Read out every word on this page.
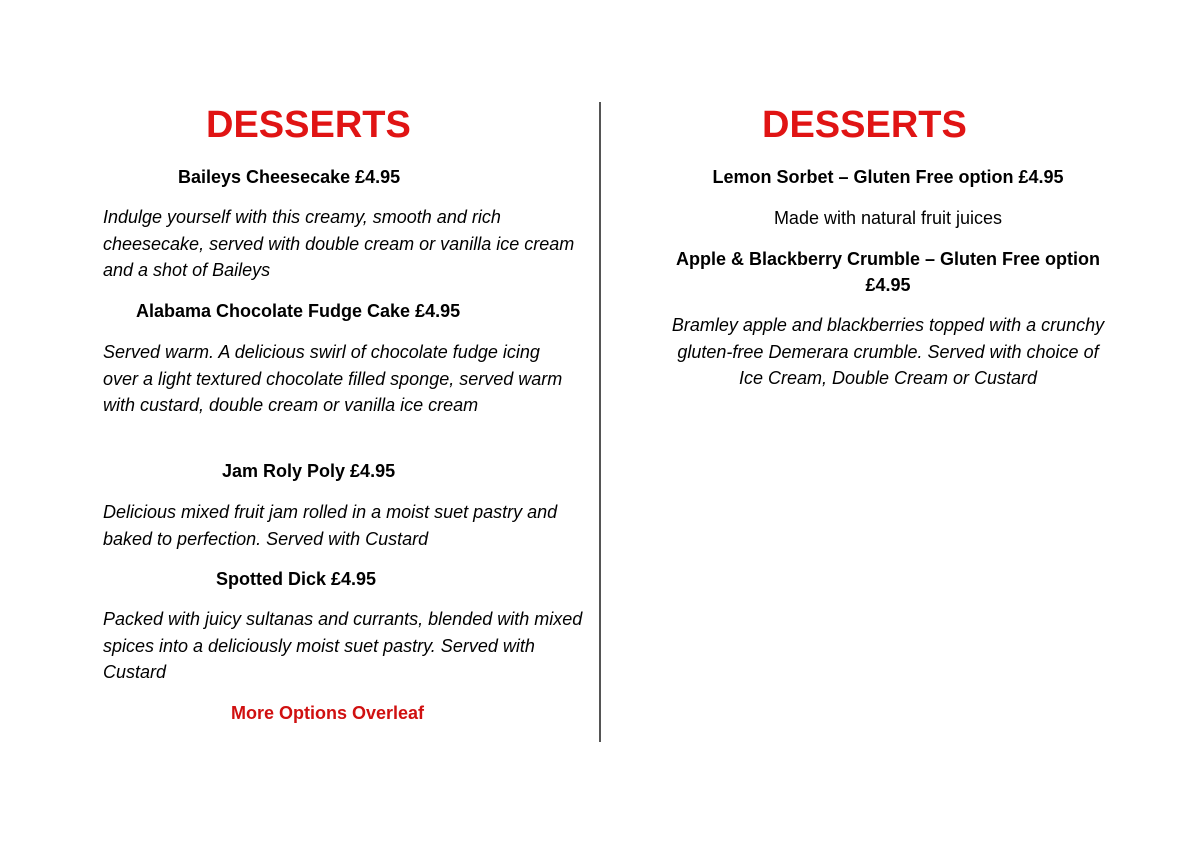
DESSERTS
Baileys Cheesecake £4.95
Indulge yourself with this creamy, smooth and rich cheesecake, served with double cream or vanilla ice cream and a shot of Baileys
Alabama Chocolate Fudge Cake £4.95
Served warm. A delicious swirl of chocolate fudge icing over a light textured chocolate filled sponge, served warm with custard, double cream or vanilla ice cream
Jam Roly Poly £4.95
Delicious mixed fruit jam rolled in a moist suet pastry and baked to perfection. Served with Custard
Spotted Dick £4.95
Packed with juicy sultanas and currants, blended with mixed spices into a deliciously moist suet pastry. Served with Custard
More Options Overleaf
DESSERTS
Lemon Sorbet – Gluten Free option £4.95
Made with natural fruit juices
Apple & Blackberry Crumble – Gluten Free option £4.95
Bramley apple and blackberries topped with a crunchy gluten-free Demerara crumble. Served with choice of Ice Cream, Double Cream or Custard
